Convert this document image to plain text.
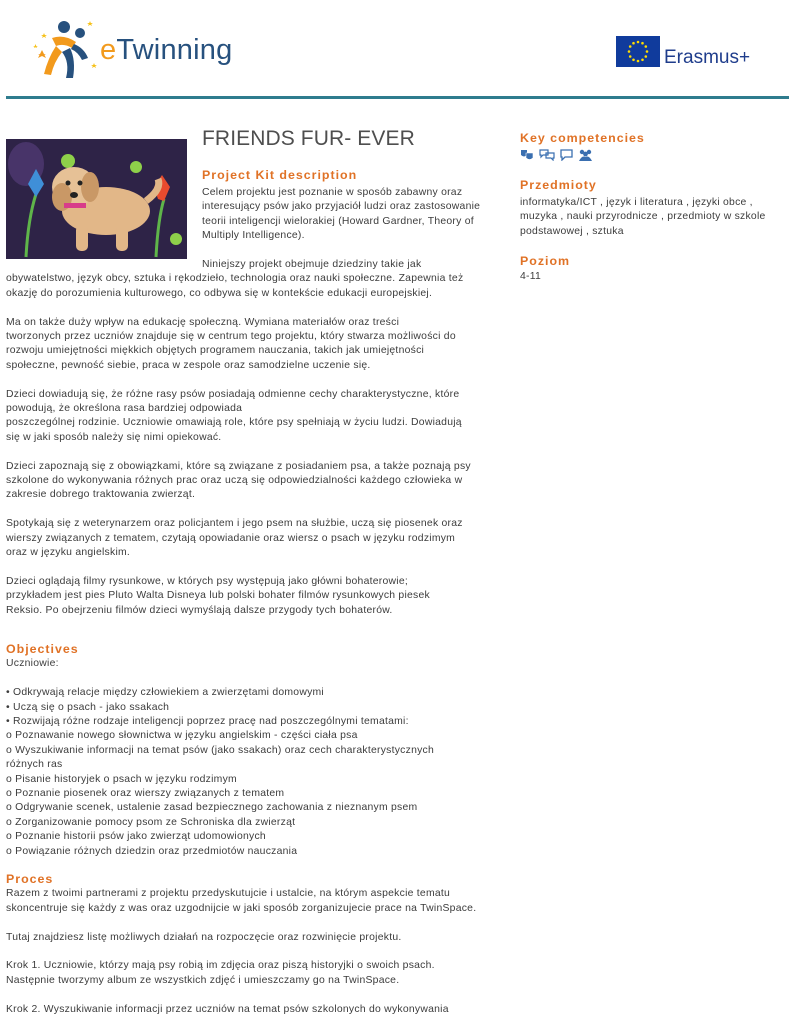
eTwinning	Erasmus+
FRIENDS FUR- EVER
Project Kit description
Celem projektu jest poznanie w sposób zabawny oraz interesujący psów jako przyjaciół ludzi oraz zastosowanie teorii inteligencji wielorakiej (Howard Gardner, Theory of Multiply Intelligence).

Niniejszy projekt obejmuje dziedziny takie jak

obywatelstwo, język obcy, sztuka i rękodzieło, technologia oraz nauki społeczne. Zapewnia też

okazję do porozumienia kulturowego, co odbywa się w kontekście edukacji europejskiej.

Ma on także duży wpływ na edukację społeczną. Wymiana materiałów oraz treści

tworzonych przez uczniów znajduje się w centrum tego projektu, który stwarza możliwości do

rozwoju umiejętności miękkich objętych programem nauczania, takich jak umiejętności

społeczne, pewność siebie, praca w zespole oraz samodzielne uczenie się.

Dzieci dowiadują się, że różne rasy psów posiadają odmienne cechy charakterystyczne, które

powodują, że określona rasa bardziej odpowiada

poszczególnej rodzinie. Uczniowie omawiają role, które psy spełniają w życiu ludzi. Dowiadują

się w jaki sposób należy się nimi opiekować.

Dzieci zapoznają się z obowiązkami, które są związane z posiadaniem psa, a także poznają psy

szkolone do wykonywania różnych prac oraz uczą się odpowiedzialności każdego człowieka w

zakresie dobrego traktowania zwierząt.

Spotykają się z weterynarzem oraz policjantem i jego psem na służbie, uczą się piosenek oraz

wierszy związanych z tematem, czytają opowiadanie oraz wiersz o psach w języku rodzimym

oraz w języku angielskim.

Dzieci oglądają filmy rysunkowe, w których psy występują jako główni bohaterowie;

przykładem jest pies Pluto Walta Disneya lub polski bohater filmów rysunkowych piesek

Reksio. Po obejrzeniu filmów dzieci wymyślają dalsze przygody tych bohaterów.

Objectives

Uczniowie:

• Odkrywają relacje między człowiekiem a zwierzętami domowymi

• Uczą się o psach - jako ssakach

• Rozwijają różne rodzaje inteligencji poprzez pracę nad poszczególnymi tematami:

o Poznawanie nowego słownictwa w języku angielskim - części ciała psa

o Wyszukiwanie informacji na temat psów (jako ssakach) oraz cech charakterystycznych

różnych ras

o Pisanie historyjek o psach w języku rodzimym

o Poznanie piosenek oraz wierszy związanych z tematem

o Odgrywanie scenek, ustalenie zasad bezpiecznego zachowania z nieznanym psem

o Zorganizowanie pomocy psom ze Schroniska dla zwierząt

o Poznanie historii psów jako zwierząt udomowionych

o Powiązanie różnych dziedzin oraz przedmiotów nauczania

Proces

Razem z twoimi partnerami z projektu przedyskutujcie i ustalcie, na którym aspekcie tematu

skoncentruje się każdy z was oraz uzgodnijcie w jaki sposób zorganizujecie prace na TwinSpace.

Tutaj znajdziesz listę możliwych działań na rozpoczęcie oraz rozwinięcie projektu.

Krok 1. Uczniowie, którzy mają psy robią im zdjęcia oraz piszą historyjki o swoich psach.

Następnie tworzymy album ze wszystkich zdjęć i umieszczamy go na TwinSpace.

Krok 2. Wyszukiwanie informacji przez uczniów na temat psów szkolonych do wykonywania

Key competencies

Przedmioty
informatyka/ICT , język i literatura , języki obce , muzyka , nauki przyrodnicze , przedmioty w szkole podstawowej , sztuka
Poziom
4-11
